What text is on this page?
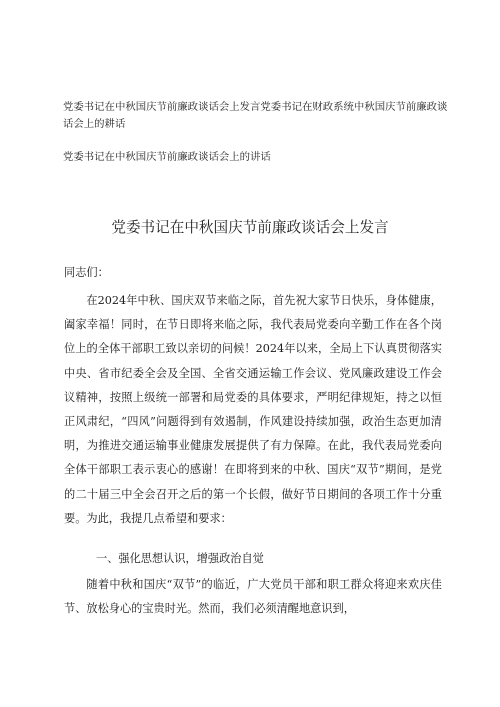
党委书记在中秋国庆节前廉政谈话会上发言党委书记在财政系统中秋国庆节前廉政谈话会上的耕话
党委书记在中秋国庆节前廉政谈话会上的讲话
党委书记在中秋国庆节前廉政谈话会上发言
同志们：

在2024年中秋、国庆双节来临之际，首先祝大家节日快乐，身体健康，阖家幸福！同时，在节日即将来临之际，我代表局党委向辛勤工作在各个岗位上的全体干部职工致以亲切的问候！2024年以来，全局上下认真贯彻落实中央、省市纪委全会及全国、全省交通运输工作会议、党风廉政建设工作会议精神，按照上级统一部署和局党委的具体要求，严明纪律规矩，持之以恒正风肃纪，“四风”问题得到有效遏制，作风建设持续加强，政治生态更加清明，为推进交通运输事业健康发展提供了有力保障。在此，我代表局党委向全体干部职工表示衷心的感谢！在即将到来的中秋、国庆“双节”期间，是党的二十届三中全会召开之后的第一个长假，做好节日期间的各项工作十分重要。为此，我提几点希望和要求：

一、强化思想认识，增强政治自觉

随着中秋和国庆“双节”的临近，广大党员干部和职工群众将迎来欢庆佳节、放松身心的宝贵时光。然而，我们必须清醒地意识到，
